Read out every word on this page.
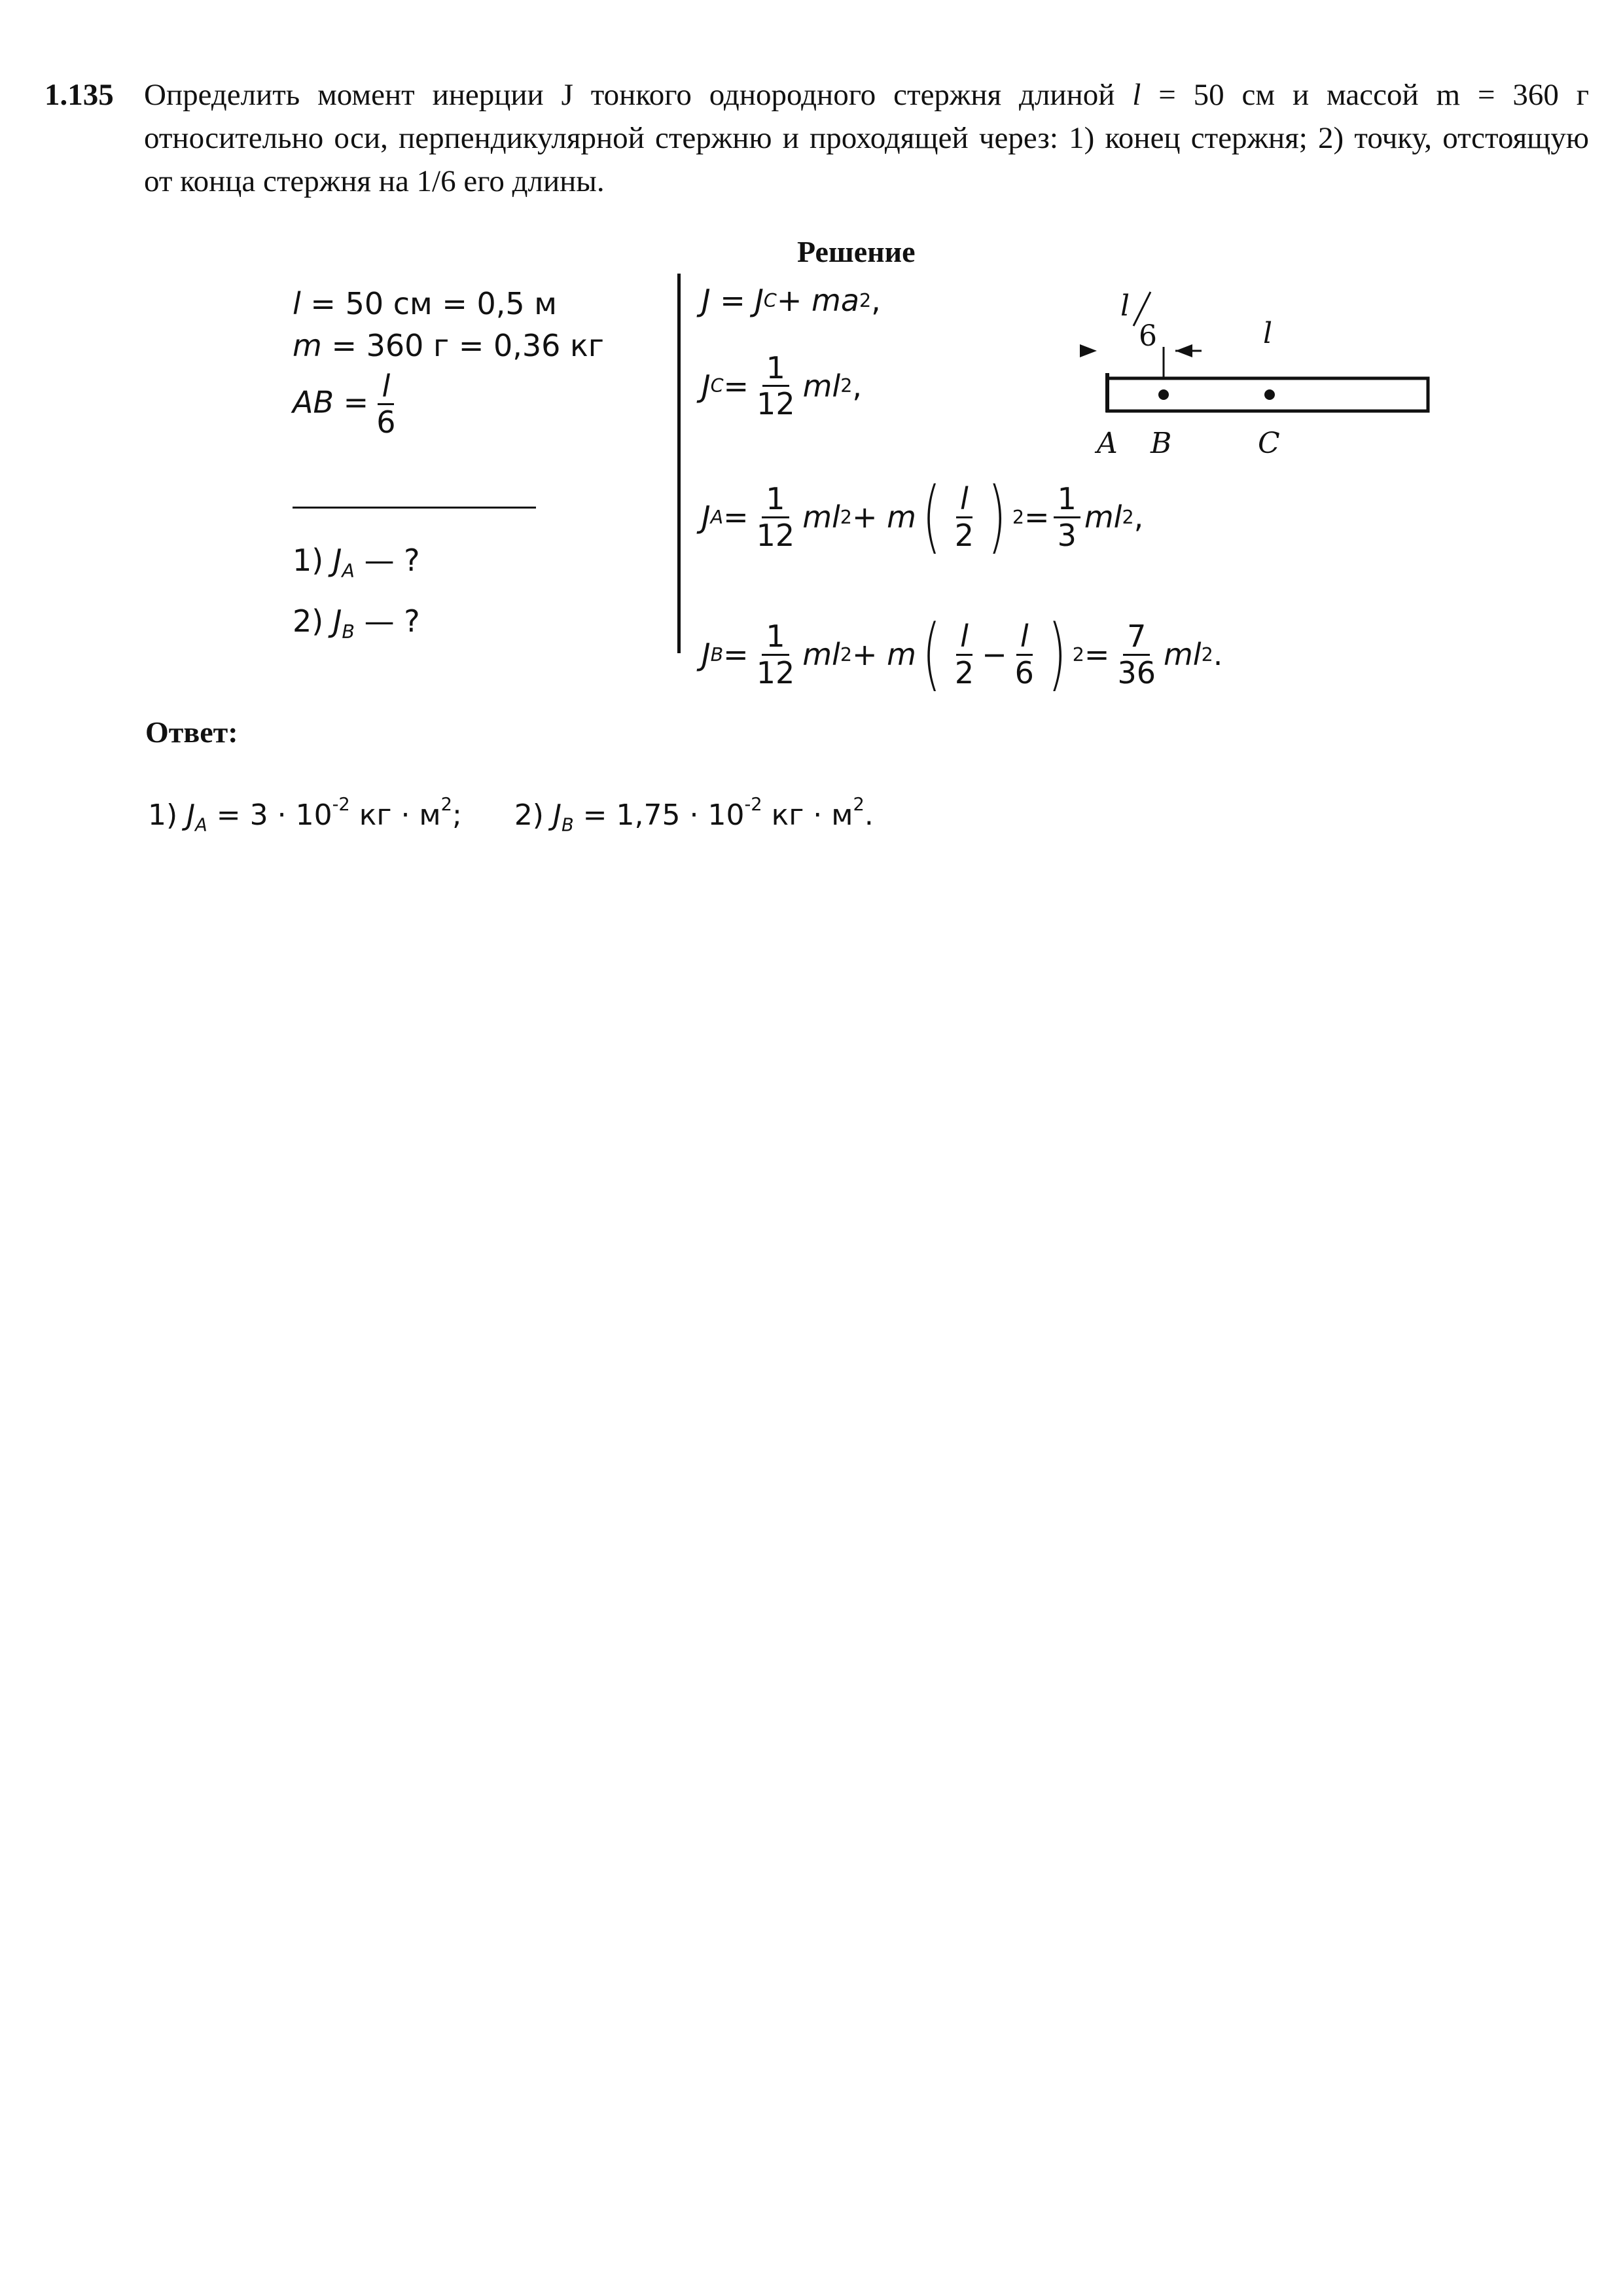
1.135 Определить момент инерции J тонкого однородного стержня длиной l = 50 см и массой m = 360 г относительно оси, перпендикулярной стержню и проходящей через: 1) конец стержня; 2) точку, отстоящую от конца стержня на 1/6 его длины.
Решение
l = 50 см = 0,5 м
m = 360 г = 0,36 кг
AB = $\frac{l}{6}$
1) $J_A$ — ?
2) $J_B$ — ?
J = J C + ma 2 ,
J $C = \frac{1}{12}$ ml 2 ,
J $A = \frac{1}{12}$ ml 2 + m ( $\frac{l}{2}$ ) $2 = \frac{1}{3}$ ml 2 ,
J $B = \frac{1}{12}$ ml 2 + m ( $\frac{l}{2} - \frac{l}{6}$ ) $2 = \frac{7}{36}$ ml 2 .
l
6	l
A B	C
Ответ:
1) $J_A = 3 \cdot 10^{-2}$ кг · $м^2$; 2) $J_B = 1,75 \cdot 10^{-2}$ кг · $м^2$.
